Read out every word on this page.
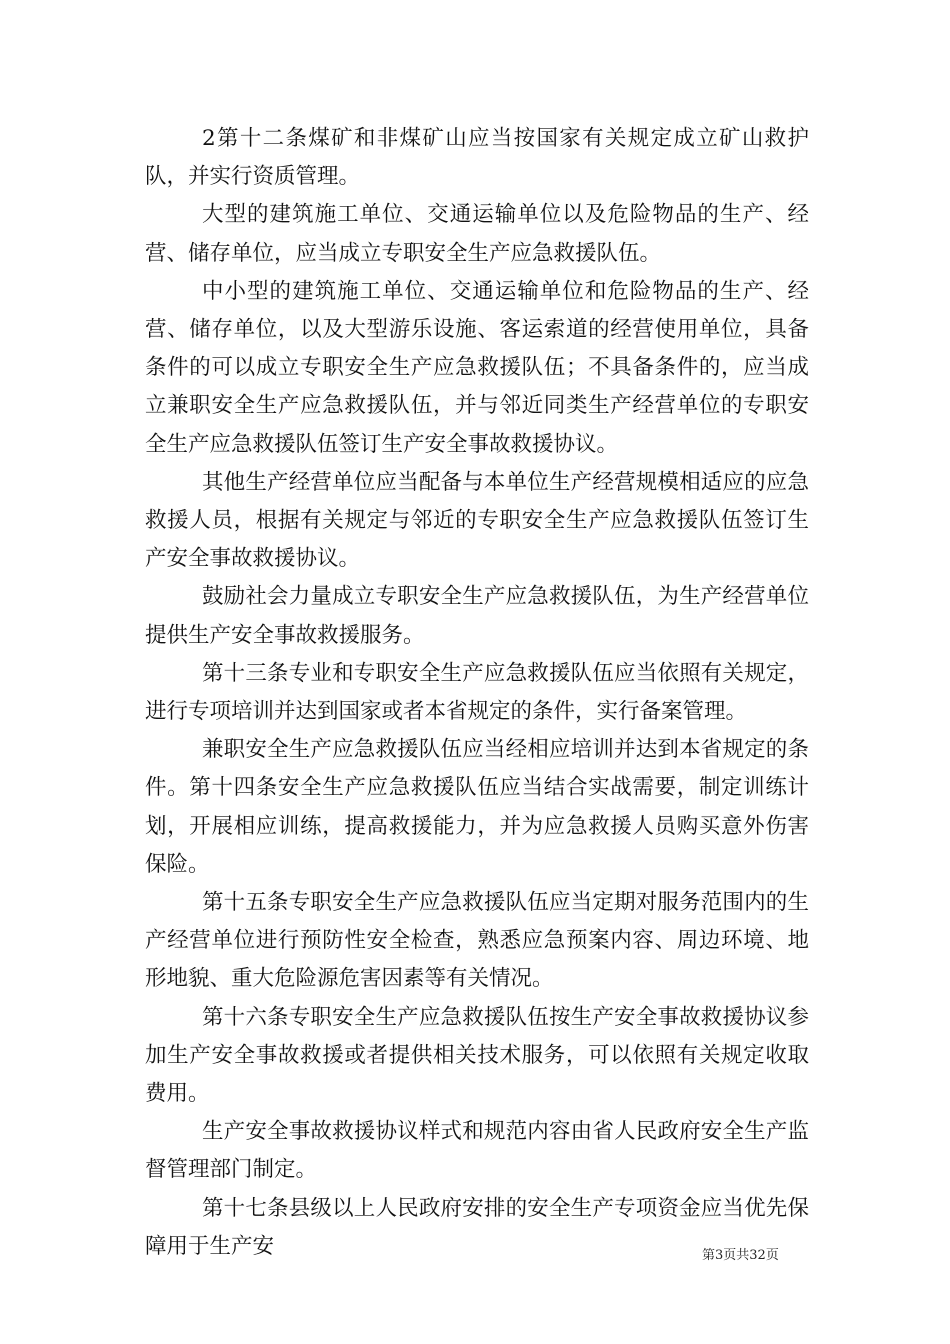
2第十二条煤矿和非煤矿山应当按国家有关规定成立矿山救护队，并实行资质管理。

大型的建筑施工单位、交通运输单位以及危险物品的生产、经营、储存单位，应当成立专职安全生产应急救援队伍。

中小型的建筑施工单位、交通运输单位和危险物品的生产、经营、储存单位，以及大型游乐设施、客运索道的经营使用单位，具备条件的可以成立专职安全生产应急救援队伍；不具备条件的，应当成立兼职安全生产应急救援队伍，并与邻近同类生产经营单位的专职安全生产应急救援队伍签订生产安全事故救援协议。

其他生产经营单位应当配备与本单位生产经营规模相适应的应急救援人员，根据有关规定与邻近的专职安全生产应急救援队伍签订生产安全事故救援协议。

鼓励社会力量成立专职安全生产应急救援队伍，为生产经营单位提供生产安全事故救援服务。

第十三条专业和专职安全生产应急救援队伍应当依照有关规定，进行专项培训并达到国家或者本省规定的条件，实行备案管理。

兼职安全生产应急救援队伍应当经相应培训并达到本省规定的条件。第十四条安全生产应急救援队伍应当结合实战需要，制定训练计划，开展相应训练，提高救援能力，并为应急救援人员购买意外伤害保险。

第十五条专职安全生产应急救援队伍应当定期对服务范围内的生产经营单位进行预防性安全检查，熟悉应急预案内容、周边环境、地形地貌、重大危险源危害因素等有关情况。

第十六条专职安全生产应急救援队伍按生产安全事故救援协议参加生产安全事故救援或者提供相关技术服务，可以依照有关规定收取费用。

生产安全事故救援协议样式和规范内容由省人民政府安全生产监督管理部门制定。

第十七条县级以上人民政府安排的安全生产专项资金应当优先保障用于生产安	第3页共32页
